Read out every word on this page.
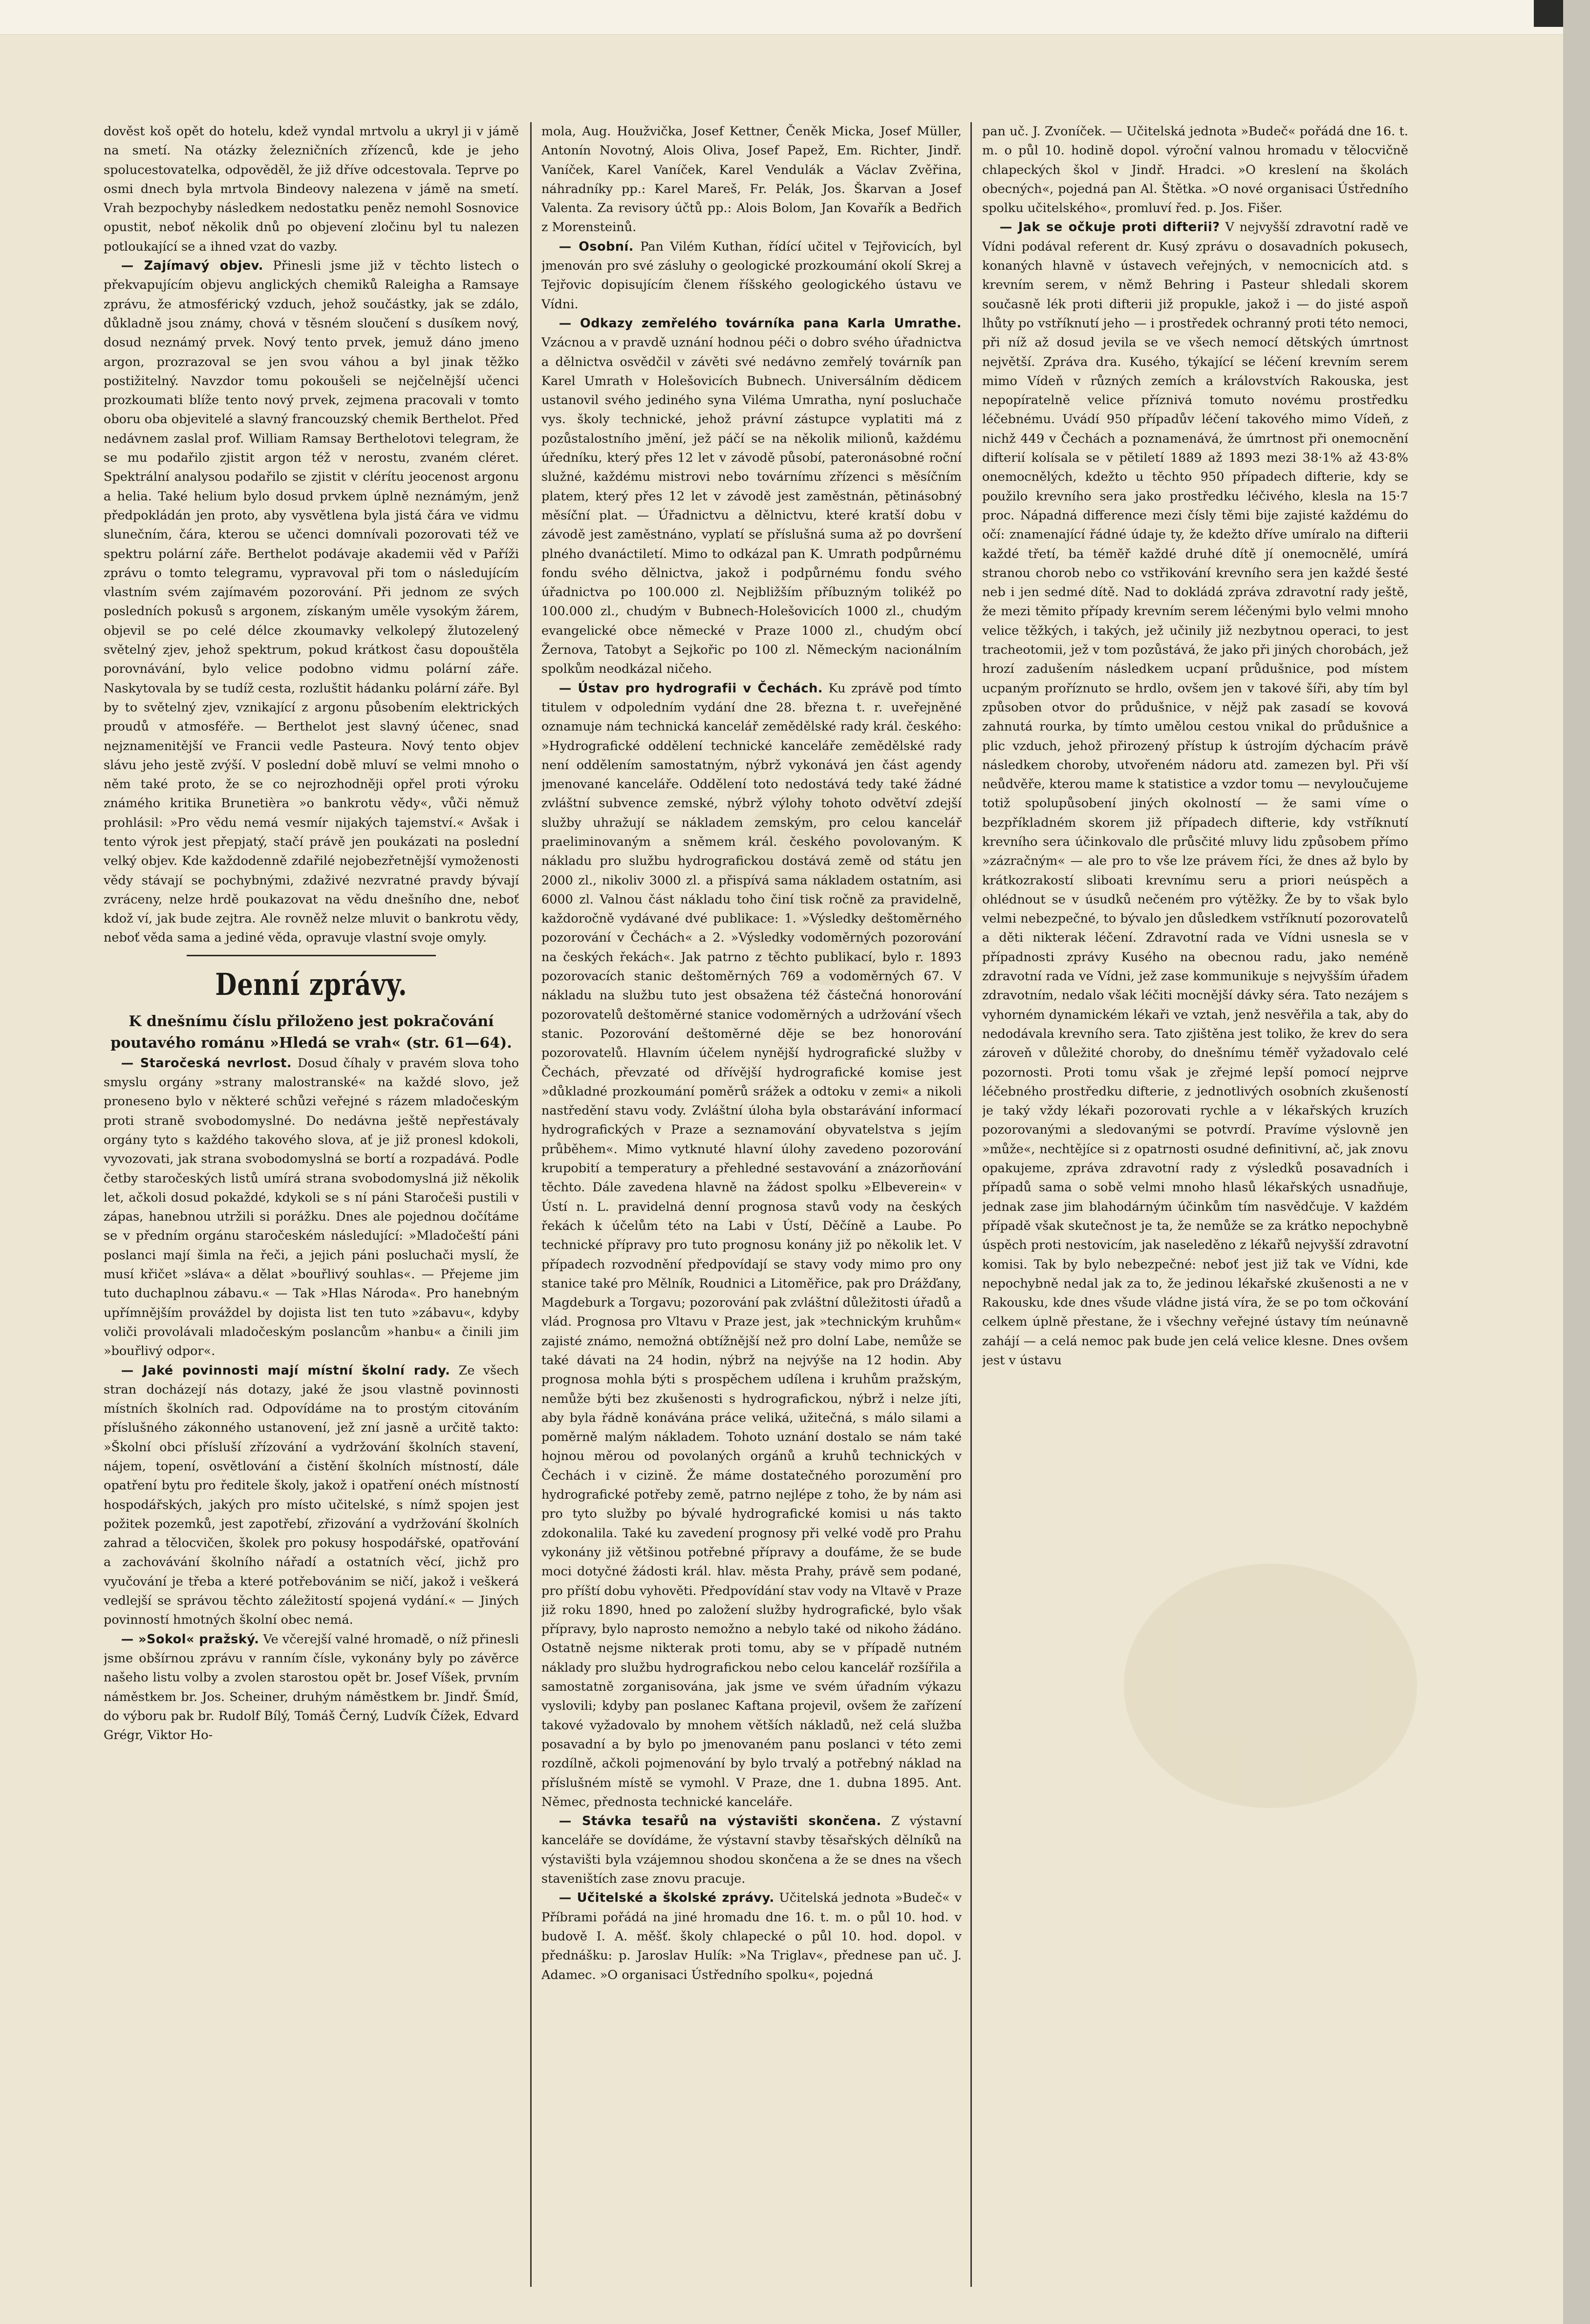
dověst koš opět do hotelu, kdež vyndal mrtvolu a ukryl ji v jámě na smetí. Na otázky železničních zřízenců, kde je jeho spolucestovatelka, odpověděl, že již dříve odcestovala. Teprve po osmi dnech byla mrtvola Bindeovy nalezena v jámě na smetí. Vrah bezpochyby následkem nedostatku peněz nemohl Sosnovice opustit, neboť několik dnů po objevení zločinu byl tu nalezen potloukající se a ihned vzat do vazby.

— Zajímavý objev. Přinesli jsme již v těchto listech o překvapujícím objevu anglických chemiků Raleigha a Ramsaye zprávu, že atmosférický vzduch, jehož součástky, jak se zdálo, důkladně jsou známy, chová v těsném sloučení s dusíkem nový, dosud neznámý prvek. Nový tento prvek, jemuž dáno jmeno argon, prozrazoval se jen svou váhou a byl jinak těžko postižitelný. Navzdor tomu pokoušeli se nejčelnější učenci prozkoumati blíže tento nový prvek, zejmena pracovali v tomto oboru oba objevitelé a slavný francouzský chemik Berthelot. Před nedávnem zaslal prof. William Ramsay Berthelotovi telegram, že se mu podařilo zjistit argon též v nerostu, zvaném cléret. Spektrální analysou podařilo se zjistit v clérítu jeocenost argonu a helia. Také helium bylo dosud prvkem úplně neznámým, jenž předpokládán jen proto, aby vysvětlena byla jistá čára ve vidmu slunečním, čára, kterou se učenci domnívali pozorovati též ve spektru polární záře. Berthelot podávaje akademii věd v Paříži zprávu o tomto telegramu, vypravoval při tom o následujícím vlastním svém zajímavém pozorování. Při jednom ze svých posledních pokusů s argonem, získaným uměle vysokým žárem, objevil se po celé délce zkoumavky velkolepý žlutozelený světelný zjev, jehož spektrum, pokud krátkost času dopouštěla porovnávání, bylo velice podobno vidmu polární záře. Naskytovala by se tudíž cesta, rozluštit hádanku polární záře. Byl by to světelný zjev, vznikající z argonu působením elektrických proudů v atmosféře. — Berthelot jest slavný účenec, snad nejznamenitější ve Francii vedle Pasteura. Nový tento objev slávu jeho jestě zvýší. V poslední době mluví se velmi mnoho o něm také proto, že se co nejrozhodněji opřel proti výroku známého kritika Brunetièra »o bankrotu vědy«, vůči němuž prohlásil: »Pro vědu nemá vesmír nijakých tajemství.« Avšak i tento výrok jest přepjatý, stačí právě jen poukázati na poslední velký objev. Kde každodenně zdařilé nejobezřetnější vymoženosti vědy stávají se pochybnými, zdaživé nezvratné pravdy bývají zvráceny, nelze hrdě poukazovat na vědu dnešního dne, neboť kdož ví, jak bude zejtra. Ale rovněž nelze mluvit o bankrotu vědy, neboť věda sama a jediné věda, opravuje vlastní svoje omyly.

Denní zprávy.

K dnešnímu číslu přiloženo jest pokračování poutavého románu »Hledá se vrah« (str. 61—64).

— Staročeská nevrlost. Dosud číhaly v pravém slova toho smyslu orgány »strany malostranské« na každé slovo, jež proneseno bylo v některé schůzi veřejné s rázem mladočeským proti straně svobodomyslné. Do nedávna ještě nepřestávaly orgány tyto s každého takového slova, ať je již pronesl kdokoli, vyvozovati, jak strana svobodomyslná se bortí a rozpadává. Podle četby staročeských listů umírá strana svobodomyslná již několik let, ačkoli dosud pokaždé, kdykoli se s ní páni Staročeši pustili v zápas, hanebnou utržili si porážku. Dnes ale pojednou dočítáme se v předním orgánu staročeském následující: »Mladočeští páni poslanci mají šimla na řeči, a jejich páni posluchači myslí, že musí křičet »sláva« a dělat »bouřlivý souhlas«. — Přejeme jim tuto duchaplnou zábavu.« — Tak »Hlas Národa«. Pro hanebným upřímnějším prováždel by dojista list ten tuto »zábavu«, kdyby voliči provolávali mladočeským poslancům »hanbu« a činili jim »bouřlivý odpor«.

— Jaké povinnosti mají místní školní rady. Ze všech stran docházejí nás dotazy, jaké že jsou vlastně povinnosti místních školních rad. Odpovídáme na to prostým citováním příslušného zákonného ustanovení, jež zní jasně a určitě takto: »Školní obci přísluší zřízování a vydržování školních stavení, nájem, topení, osvětlování a čistění školních místností, dále opatření bytu pro ředitele školy, jakož i opatření onéch místností hospodářských, jakých pro místo učitelské, s nímž spojen jest požitek pozemků, jest zapotřebí, zřizování a vydržování školních zahrad a tělocvičen, školek pro pokusy hospodářské, opatřování a zachovávání školního nářadí a ostatních věcí, jichž pro vyučování je třeba a které potřebovánim se ničí, jakož i veškerá vedlejší se správou těchto záležitostí spojená vydání.« — Jiných povinností hmotných školní obec nemá.

— »Sokol« pražský. Ve včerejší valné hromadě, o níž přinesli jsme obšírnou zprávu v ranním čísle, vykonány byly po závěrce našeho listu volby a zvolen starostou opět br. Josef Víšek, prvním náměstkem br. Jos. Scheiner, druhým náměstkem br. Jindř. Šmíd, do výboru pak br. Rudolf Bílý, Tomáš Černý, Ludvík Čížek, Edvard Grégr, Viktor Ho-

mola, Aug. Houžvička, Josef Kettner, Čeněk Micka, Josef Müller, Antonín Novotný, Alois Oliva, Josef Papež, Em. Richter, Jindř. Vaníček, Karel Vaníček, Karel Vendulák a Václav Zvěřina, náhradníky pp.: Karel Mareš, Fr. Pelák, Jos. Škarvan a Josef Valenta. Za revisory účtů pp.: Alois Bolom, Jan Kovařík a Bedřich z Morensteinů.

— Osobní. Pan Vilém Kuthan, řídící učitel v Tejřovicích, byl jmenován pro své zásluhy o geologické prozkoumání okolí Skrej a Tejřovic dopisujícím členem říšského geologického ústavu ve Vídni.

— Odkazy zemřelého továrníka pana Karla Umrathe. Vzácnou a v pravdě uznání hodnou péči o dobro svého úřadnictva a dělnictva osvědčil v závěti své nedávno zemřelý továrník pan Karel Umrath v Holešovicích Bubnech. Universálním dědicem ustanovil svého jediného syna Viléma Umratha, nyní posluchače vys. školy technické, jehož právní zástupce vyplatiti má z pozůstalostního jmění, jež páčí se na několik milionů, každému úředníku, který přes 12 let v závodě působí, pateronásobné roční služné, každému mistrovi nebo továrnímu zřízenci s měsíčním platem, který přes 12 let v závodě jest zaměstnán, pětinásobný měsíční plat. — Úřadnictvu a dělnictvu, které kratší dobu v závodě jest zaměstnáno, vyplatí se příslušná suma až po dovršení plného dvanáctiletí. Mimo to odkázal pan K. Umrath podpůrnému fondu svého dělnictva, jakož i podpůrnému fondu svého úřadnictva po 100.000 zl. Nejbližším příbuzným tolikéž po 100.000 zl., chudým v Bubnech-Holešovicích 1000 zl., chudým evangelické obce německé v Praze 1000 zl., chudým obcí Žernova, Tatobyt a Sejkořic po 100 zl. Německým nacionálním spolkům neodkázal ničeho.

— Ústav pro hydrografii v Čechách. Ku zprávě pod tímto titulem v odpoledním vydání dne 28. března t. r. uveřejněné oznamuje nám technická kancelář zemědělské rady král. českého: »Hydrografické oddělení technické kanceláře zemědělské rady není oddělením samostatným, nýbrž vykonává jen část agendy jmenované kanceláře. Oddělení toto nedostává tedy také žádné zvláštní subvence zemské, nýbrž výlohy tohoto odvětví zdejší služby uhražují se nákladem zemským, pro celou kancelář praeliminovaným a sněmem král. českého povolovaným. K nákladu pro službu hydrografickou dostává země od státu jen 2000 zl., nikoliv 3000 zl. a přispívá sama nákladem ostatním, asi 6000 zl. Valnou část nákladu toho činí tisk ročně za pravidelně, každoročně vydávané dvé publikace: 1. »Výsledky deštoměrného pozorování v Čechách« a 2. »Výsledky vodoměrných pozorování na českých řekách«. Jak patrno z těchto publikací, bylo r. 1893 pozorovacích stanic deštoměrných 769 a vodoměrných 67. V nákladu na službu tuto jest obsažena též částečná honorování pozorovatelů deštoměrné stanice vodoměrných a udržování všech stanic. Pozorování deštoměrné děje se bez honorování pozorovatelů. Hlavním účelem nynější hydrografické služby v Čechách, převzaté od dřívější hydrografické komise jest »důkladné prozkoumání poměrů srážek a odtoku v zemi« a nikoli nastředění stavu vody. Zvláštní úloha byla obstarávání informací hydrografických v Praze a seznamování obyvatelstva s jejím průběhem«. Mimo vytknuté hlavní úlohy zavedeno pozorování krupobití a temperatury a přehledné sestavování a znázorňování těchto. Dále zavedena hlavně na žádost spolku »Elbeverein« v Ústí n. L. pravidelná denní prognosa stavů vody na českých řekách k účelům této na Labi v Ústí, Děčíně a Laube. Po technické přípravy pro tuto prognosu konány již po několik let. V případech rozvodnění předpovídají se stavy vody mimo pro ony stanice také pro Mělník, Roudnici a Litoměřice, pak pro Drážďany, Magdeburk a Torgavu; pozorování pak zvláštní důležitosti úřadů a vlád. Prognosa pro Vltavu v Praze jest, jak »technickým kruhům« zajisté známo, nemožná obtížnější než pro dolní Labe, nemůže se také dávati na 24 hodin, nýbrž na nejvýše na 12 hodin. Aby prognosa mohla býti s prospěchem udílena i kruhům pražským, nemůže býti bez zkušenosti s hydrografickou, nýbrž i nelze jíti, aby byla řádně konávána práce veliká, užitečná, s málo silami a poměrně malým nákladem. Tohoto uznání dostalo se nám také hojnou měrou od povolaných orgánů a kruhů technických v Čechách i v cizině. Že máme dostatečného porozumění pro hydrografické potřeby země, patrno nejlépe z toho, že by nám asi pro tyto služby po bývalé hydrografické komisi u nás takto zdokonalila. Také ku zavedení prognosy při velké vodě pro Prahu vykonány již většinou potřebné přípravy a doufáme, že se bude moci dotyčné žádosti král. hlav. města Prahy, právě sem podané, pro příští dobu vyhověti. Předpovídání stav vody na Vltavě v Praze již roku 1890, hned po založení služby hydrografické, bylo však přípravy, bylo naprosto nemožno a nebylo také od nikoho žádáno. Ostatně nejsme nikterak proti tomu, aby se v případě nutném náklady pro službu hydrografickou nebo celou kancelář rozšířila a samostatně zorganisována, jak jsme ve svém úřadním výkazu vyslovili; kdyby pan poslanec Kaftana projevil, ovšem že zařízení takové vyžadovalo by mnohem větších nákladů, než celá služba posavadní a by bylo po jmenovaném panu poslanci v této zemi rozdílně, ačkoli pojmenování by bylo trvalý a potřebný náklad na příslušném místě se vymohl. V Praze, dne 1. dubna 1895. Ant. Němec, přednosta technické kanceláře.

— Stávka tesařů na výstavišti skončena. Z výstavní kanceláře se dovídáme, že výstavní stavby těsařských dělníků na výstavišti byla vzájemnou shodou skončena a že se dnes na všech staveništích zase znovu pracuje.

— Učitelské a školské zprávy. Učitelská jednota »Budeč« v Příbrami pořádá na jiné hromadu dne 16. t. m. o půl 10. hod. v budově I. A. měšť. školy chlapecké o půl 10. hod. dopol. v přednášku: p. Jaroslav Hulík: »Na Triglav«, přednese pan uč. J. Adamec. »O organisaci Ústředního spolku«, pojedná

pan uč. J. Zvoníček. — Učitelská jednota »Budeč« pořádá dne 16. t. m. o půl 10. hodině dopol. výroční valnou hromadu v tělocvičně chlapeckých škol v Jindř. Hradci. »O kreslení na školách obecných«, pojedná pan Al. Štětka. »O nové organisaci Ústředního spolku učitelského«, promluví řed. p. Jos. Fišer.

— Jak se očkuje proti difterii? V nejvyšší zdravotní radě ve Vídni podával referent dr. Kusý zprávu o dosavadních pokusech, konaných hlavně v ústavech veřejných, v nemocnicích atd. s krevním serem, v němž Behring i Pasteur shledali skorem současně lék proti difterii již propukle, jakož i — do jisté aspoň lhůty po vstříknutí jeho — i prostředek ochranný proti této nemoci, při níž až dosud jevila se ve všech nemocí dětských úmrtnost největší. Zpráva dra. Kusého, týkající se léčení krevním serem mimo Vídeň v různých zemích a královstvích Rakouska, jest nepopíratelně velice příznivá tomuto novému prostředku léčebnému. Uvádí 950 případův léčení takového mimo Vídeň, z nichž 449 v Čechách a poznamenává, že úmrtnost při onemocnění difterií kolísala se v pětiletí 1889 až 1893 mezi 38·1% až 43·8% onemocnělých, kdežto u těchto 950 případech difterie, kdy se použilo krevního sera jako prostředku léčivého, klesla na 15·7 proc. Nápadná difference mezi čísly těmi bije zajisté každému do očí: znamenající řádné údaje ty, že kdežto dříve umíralo na difterii každé třetí, ba téměř každé druhé dítě jí onemocnělé, umírá stranou chorob nebo co vstřikování krevního sera jen každé šesté neb i jen sedmé dítě. Nad to dokládá zpráva zdravotní rady ještě, že mezi těmito případy krevním serem léčenými bylo velmi mnoho velice těžkých, i takých, jež učinily již nezbytnou operaci, to jest tracheotomii, jež v tom pozůstává, že jako při jiných chorobách, jež hrozí zadušením následkem ucpaní průdušnice, pod místem ucpaným proříznuto se hrdlo, ovšem jen v takové šíři, aby tím byl způsoben otvor do průdušnice, v nějž pak zasadí se kovová zahnutá rourka, by tímto umělou cestou vnikal do průdušnice a plic vzduch, jehož přirozený přístup k ústrojím dýchacím právě následkem choroby, utvořeném nádoru atd. zamezen byl. Při vší neůdvěře, kterou mame k statistice a vzdor tomu — nevyloučujeme totiž spolupůsobení jiných okolností — že sami víme o bezpříkladném skorem již případech difterie, kdy vstříknutí krevního sera účinkovalo dle průsčité mluvy lidu způsobem přímo »zázračným« — ale pro to vše lze právem říci, že dnes až bylo by krátkozrakostí sliboati krevnímu seru a priori neúspěch a ohlédnout se v úsudků nečeném pro výtěžky. Že by to však bylo velmi nebezpečné, to bývalo jen důsledkem vstříknutí pozorovatelů a děti nikterak léčení. Zdravotní rada ve Vídni usnesla se v případnosti zprávy Kusého na obecnou radu, jako neméně zdravotní rada ve Vídni, jež zase kommunikuje s nejvyšším úřadem zdravotním, nedalo však léčiti mocnější dávky séra. Tato nezájem s vyhorném dynamickém lékaři ve vztah, jenž nesvěřila a tak, aby do nedodávala krevního sera. Tato zjištěna jest toliko, že krev do sera zároveň v důležité choroby, do dnešnímu téměř vyžadovalo celé pozornosti. Proti tomu však je zřejmé lepší pomocí nejprve léčebného prostředku difterie, z jednotlivých osobních zkušeností je taký vždy lékaři pozorovati rychle a v lékařských kruzích pozorovanými a sledovanými se potvrdí. Pravíme výslovně jen »může«, nechtějíce si z opatrnosti osudné definitivní, ač, jak znovu opakujeme, zpráva zdravotní rady z výsledků posavadních i případů sama o sobě velmi mnoho hlasů lékařských usnadňuje, jednak zase jim blahodárným účinkům tím nasvědčuje. V každém případě však skutečnost je ta, že nemůže se za krátko nepochybně úspěch proti nestovicím, jak naseleděno z lékařů nejvyšší zdravotní komisi. Tak by bylo nebezpečné: neboť jest již tak ve Vídni, kde nepochybně nedal jak za to, že jedinou lékařské zkušenosti a ne v Rakousku, kde dnes všude vládne jistá víra, že se po tom očkování celkem úplně přestane, že i všechny veřejné ústavy tím neúnavně zahájí — a celá nemoc pak bude jen celá velice klesne. Dnes ovšem jest v ústavu
